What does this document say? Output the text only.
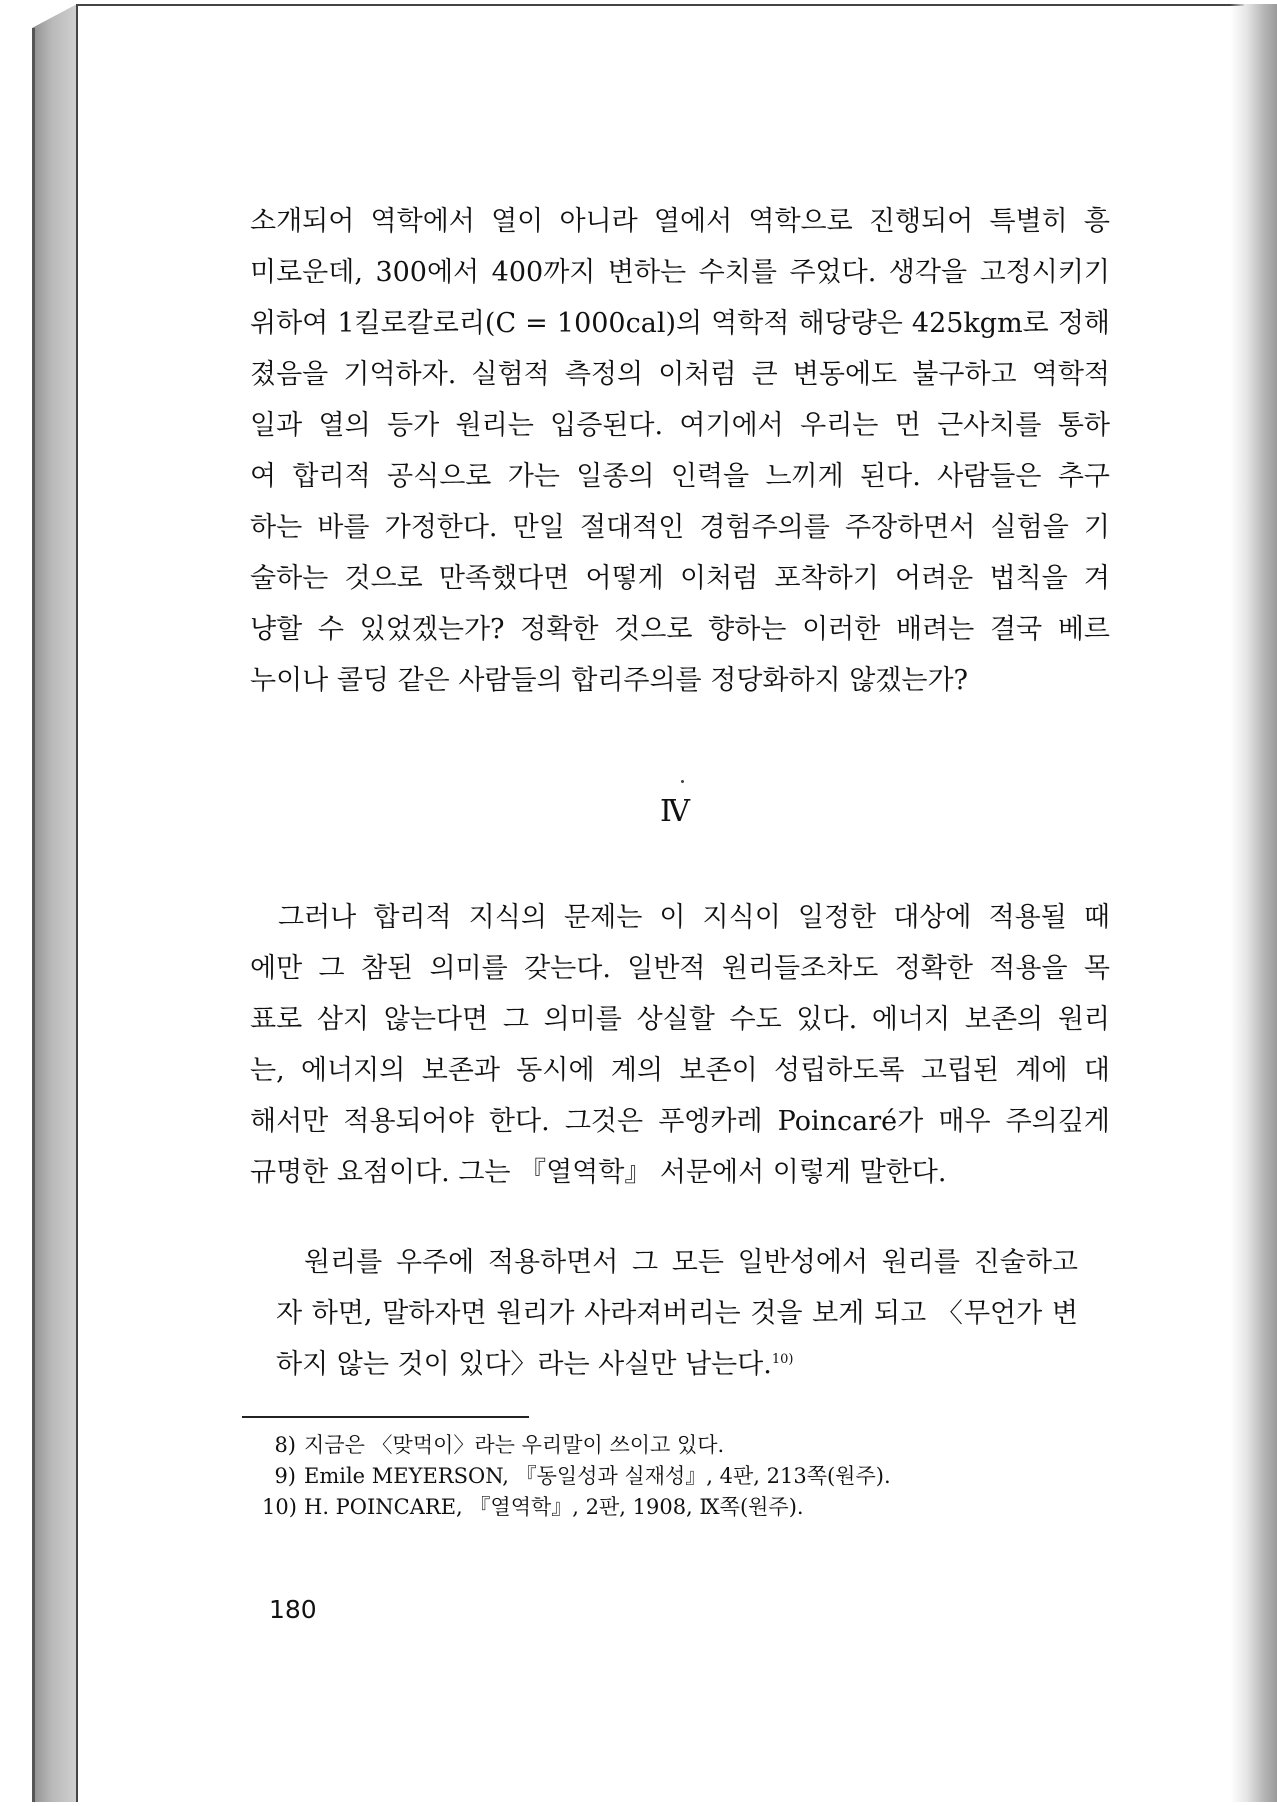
소개되어 역학에서 열이 아니라 열에서 역학으로 진행되어 특별히 흥
미로운데, 300에서 400까지 변하는 수치를 주었다. 생각을 고정시키기
위하여 1킬로칼로리(C = 1000cal)의 역학적 해당량은 425kgm로 정해
졌음을 기억하자. 실험적 측정의 이처럼 큰 변동에도 불구하고 역학적
일과 열의 등가 원리는 입증된다. 여기에서 우리는 먼 근사치를 통하
여 합리적 공식으로 가는 일종의 인력을 느끼게 된다. 사람들은 추구
하는 바를 가정한다. 만일 절대적인 경험주의를 주장하면서 실험을 기
술하는 것으로 만족했다면 어떻게 이처럼 포착하기 어려운 법칙을 겨
냥할 수 있었겠는가? 정확한 것으로 향하는 이러한 배려는 결국 베르
누이나 콜딩 같은 사람들의 합리주의를 정당화하지 않겠는가?
Ⅳ
그러나 합리적 지식의 문제는 이 지식이 일정한 대상에 적용될 때
에만 그 참된 의미를 갖는다. 일반적 원리들조차도 정확한 적용을 목
표로 삼지 않는다면 그 의미를 상실할 수도 있다. 에너지 보존의 원리
는, 에너지의 보존과 동시에 계의 보존이 성립하도록 고립된 계에 대
해서만 적용되어야 한다. 그것은 푸엥카레 Poincaré가 매우 주의깊게
규명한 요점이다. 그는 『열역학』 서문에서 이렇게 말한다.
원리를 우주에 적용하면서 그 모든 일반성에서 원리를 진술하고
자 하면, 말하자면 원리가 사라져버리는 것을 보게 되고 〈무언가 변
하지 않는 것이 있다〉라는 사실만 남는다.$^{10)}$
8) 지금은 〈맞먹이〉라는 우리말이 쓰이고 있다.
9) Emile MEYERSON, 『동일성과 실재성』, 4판, 213쪽(원주).
10) H. POINCARE, 『열역학』, 2판, 1908, Ⅸ쪽(원주).
180
